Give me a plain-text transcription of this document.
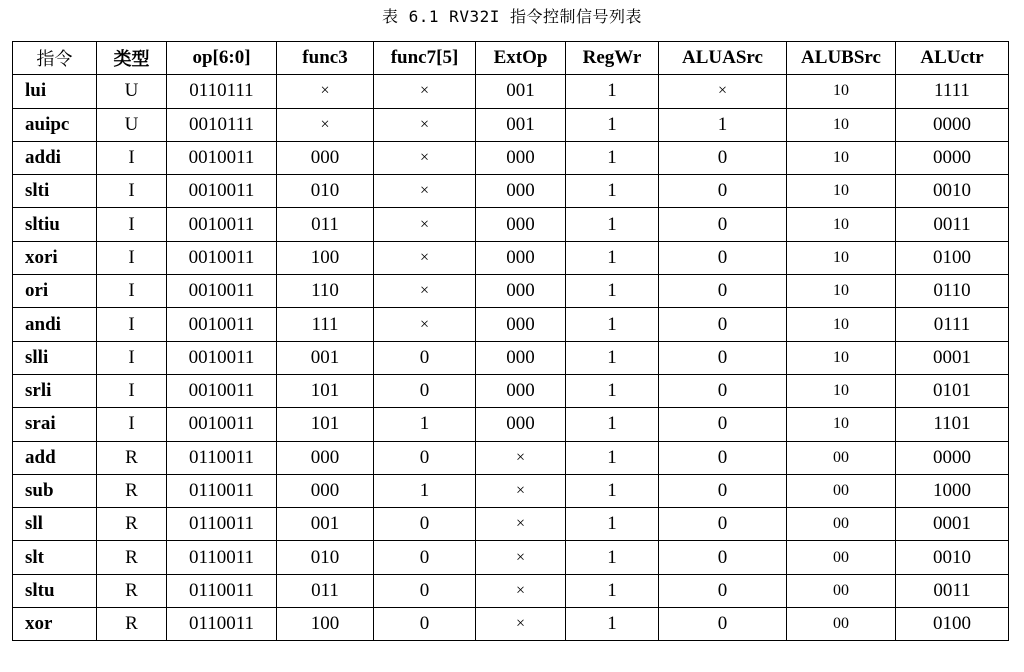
表 6.1 RV32I 指令控制信号列表
指令	类型	op[6:0]	func3	func7[5]	ExtOp	RegWr	ALUASrc	ALUBSrc	ALUctr
lui	U	0110111	×	×	001	1	×	10	1111
auipc	U	0010111	×	×	001	1	1	10	0000
addi	I	0010011	000	×	000	1	0	10	0000
slti	I	0010011	010	×	000	1	0	10	0010
sltiu	I	0010011	011	×	000	1	0	10	0011
xori	I	0010011	100	×	000	1	0	10	0100
ori	I	0010011	110	×	000	1	0	10	0110
andi	I	0010011	111	×	000	1	0	10	0111
slli	I	0010011	001	0	000	1	0	10	0001
srli	I	0010011	101	0	000	1	0	10	0101
srai	I	0010011	101	1	000	1	0	10	1101
add	R	0110011	000	0	×	1	0	00	0000
sub	R	0110011	000	1	×	1	0	00	1000
sll	R	0110011	001	0	×	1	0	00	0001
slt	R	0110011	010	0	×	1	0	00	0010
sltu	R	0110011	011	0	×	1	0	00	0011
xor	R	0110011	100	0	×	1	0	00	0100
